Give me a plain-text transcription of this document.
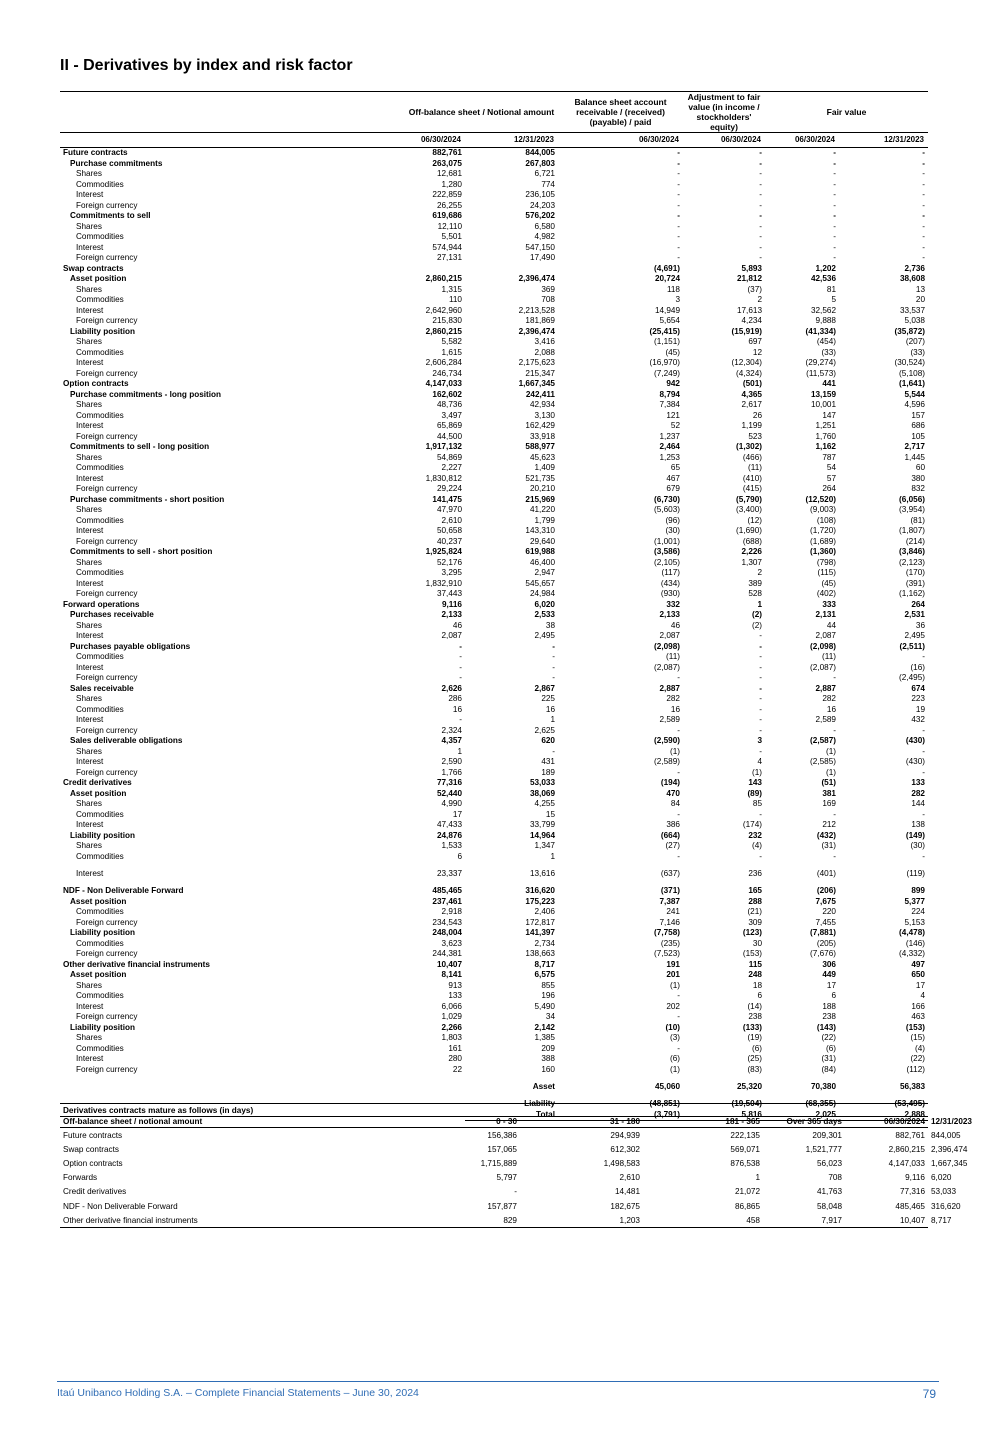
II - Derivatives by index and risk factor
	Off-balance sheet / Notional amount		Balance sheet account receivable / (received) (payable) / paid	Adjustment to fair value (in income / stockholders' equity)	Fair value	
	06/30/2024	12/31/2023	06/30/2024	06/30/2024	06/30/2024	12/31/2023
Future contracts	882,761	844,005	-	-	-	-
Purchase commitments	263,075	267,803	-	-	-	-
Shares	12,681	6,721	-	-	-	-
Commodities	1,280	774	-	-	-	-
Interest	222,859	236,105	-	-	-	-
Foreign currency	26,255	24,203	-	-	-	-
Commitments to sell	619,686	576,202	-	-	-	-
Shares	12,110	6,580	-	-	-	-
Commodities	5,501	4,982	-	-	-	-
Interest	574,944	547,150	-	-	-	-
Foreign currency	27,131	17,490	-	-	-	-
Swap contracts			(4,691)	5,893	1,202	2,736
Asset position	2,860,215	2,396,474	20,724	21,812	42,536	38,608
Shares	1,315	369	118	(37)	81	13
Commodities	110	708	3	2	5	20
Interest	2,642,960	2,213,528	14,949	17,613	32,562	33,537
Foreign currency	215,830	181,869	5,654	4,234	9,888	5,038
Liability position	2,860,215	2,396,474	(25,415)	(15,919)	(41,334)	(35,872)
Shares	5,582	3,416	(1,151)	697	(454)	(207)
Commodities	1,615	2,088	(45)	12	(33)	(33)
Interest	2,606,284	2,175,623	(16,970)	(12,304)	(29,274)	(30,524)
Foreign currency	246,734	215,347	(7,249)	(4,324)	(11,573)	(5,108)
Option contracts	4,147,033	1,667,345	942	(501)	441	(1,641)
Purchase commitments - long position	162,602	242,411	8,794	4,365	13,159	5,544
Shares	48,736	42,934	7,384	2,617	10,001	4,596
Commodities	3,497	3,130	121	26	147	157
Interest	65,869	162,429	52	1,199	1,251	686
Foreign currency	44,500	33,918	1,237	523	1,760	105
Commitments to sell - long position	1,917,132	588,977	2,464	(1,302)	1,162	2,717
Shares	54,869	45,623	1,253	(466)	787	1,445
Commodities	2,227	1,409	65	(11)	54	60
Interest	1,830,812	521,735	467	(410)	57	380
Foreign currency	29,224	20,210	679	(415)	264	832
Purchase commitments - short position	141,475	215,969	(6,730)	(5,790)	(12,520)	(6,056)
Shares	47,970	41,220	(5,603)	(3,400)	(9,003)	(3,954)
Commodities	2,610	1,799	(96)	(12)	(108)	(81)
Interest	50,658	143,310	(30)	(1,690)	(1,720)	(1,807)
Foreign currency	40,237	29,640	(1,001)	(688)	(1,689)	(214)
Commitments to sell - short position	1,925,824	619,988	(3,586)	2,226	(1,360)	(3,846)
Shares	52,176	46,400	(2,105)	1,307	(798)	(2,123)
Commodities	3,295	2,947	(117)	2	(115)	(170)
Interest	1,832,910	545,657	(434)	389	(45)	(391)
Foreign currency	37,443	24,984	(930)	528	(402)	(1,162)
Forward operations	9,116	6,020	332	1	333	264
Purchases receivable	2,133	2,533	2,133	(2)	2,131	2,531
Shares	46	38	46	(2)	44	36
Interest	2,087	2,495	2,087	-	2,087	2,495
Purchases payable obligations	-	-	(2,098)	-	(2,098)	(2,511)
Commodities	-	-	(11)	-	(11)	-
Interest	-	-	(2,087)	-	(2,087)	(16)
Foreign currency	-	-	-	-	-	(2,495)
Sales receivable	2,626	2,867	2,887	-	2,887	674
Shares	286	225	282	-	282	223
Commodities	16	16	16	-	16	19
Interest	-	1	2,589	-	2,589	432
Foreign currency	2,324	2,625	-	-	-	-
Sales deliverable obligations	4,357	620	(2,590)	3	(2,587)	(430)
Shares	1	-	(1)	-	(1)	-
Interest	2,590	431	(2,589)	4	(2,585)	(430)
Foreign currency	1,766	189	-	(1)	(1)	-
Credit derivatives	77,316	53,033	(194)	143	(51)	133
Asset position	52,440	38,069	470	(89)	381	282
Shares	4,990	4,255	84	85	169	144
Commodities	17	15	-	-	-	-
Interest	47,433	33,799	386	(174)	212	138
Liability position	24,876	14,964	(664)	232	(432)	(149)
Shares	1,533	1,347	(27)	(4)	(31)	(30)
Commodities	6	1	-	-	-	-
Interest	23,337	13,616	(637)	236	(401)	(119)
NDF - Non Deliverable Forward	485,465	316,620	(371)	165	(206)	899
Asset position	237,461	175,223	7,387	288	7,675	5,377
Commodities	2,918	2,406	241	(21)	220	224
Foreign currency	234,543	172,817	7,146	309	7,455	5,153
Liability position	248,004	141,397	(7,758)	(123)	(7,881)	(4,478)
Commodities	3,623	2,734	(235)	30	(205)	(146)
Foreign currency	244,381	138,663	(7,523)	(153)	(7,676)	(4,332)
Other derivative financial instruments	10,407	8,717	191	115	306	497
Asset position	8,141	6,575	201	248	449	650
Shares	913	855	(1)	18	17	17
Commodities	133	196	-	6	6	4
Interest	6,066	5,490	202	(14)	188	166
Foreign currency	1,029	34	-	238	238	463
Liability position	2,266	2,142	(10)	(133)	(143)	(153)
Shares	1,803	1,385	(3)	(19)	(22)	(15)
Commodities	161	209	-	(6)	(6)	(4)
Interest	280	388	(6)	(25)	(31)	(22)
Foreign currency	22	160	(1)	(83)	(84)	(112)
		Asset	45,060	25,320	70,380	56,383
		Liability	(48,851)	(19,504)	(68,355)	(53,495)
		Total	(3,791)	5,816	2,025	2,888
Derivatives contracts mature as follows (in days)						
Off-balance sheet / notional amount	0 - 30	31 - 180	181 - 365	Over 365 days	06/30/2024	12/31/2023
Future contracts	156,386	294,939	222,135	209,301	882,761	844,005
Swap contracts	157,065	612,302	569,071	1,521,777	2,860,215	2,396,474
Option contracts	1,715,889	1,498,583	876,538	56,023	4,147,033	1,667,345
Forwards	5,797	2,610	1	708	9,116	6,020
Credit derivatives	-	14,481	21,072	41,763	77,316	53,033
NDF - Non Deliverable Forward	157,877	182,675	86,865	58,048	485,465	316,620
Other derivative financial instruments	829	1,203	458	7,917	10,407	8,717
Itaú Unibanco Holding S.A. – Complete Financial Statements – June 30, 2024	79
